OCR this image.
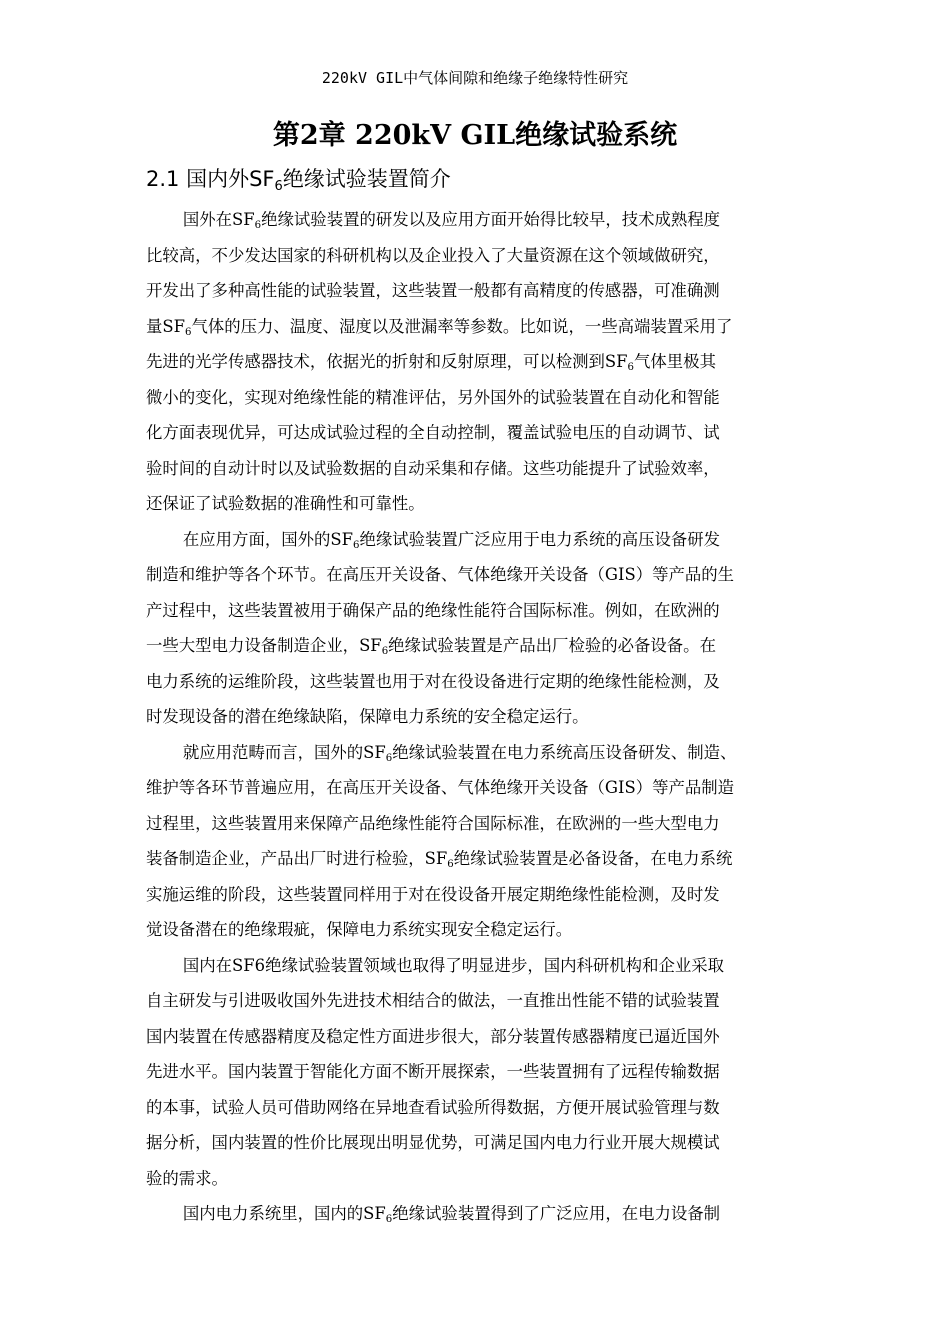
220kV GIL中气体间隙和绝缘子绝缘特性研究
第2章 220kV GIL绝缘试验系统
2.1 国内外$SF_6$绝缘试验装置简介

国外在$SF_6$绝缘试验装置的研发以及应用方面开始得比较早，技术成熟程度
比较高，不少发达国家的科研机构以及企业投入了大量资源在这个领域做研究，
开发出了多种高性能的试验装置，这些装置一般都有高精度的传感器，可准确测
量$SF_6$气体的压力、温度、湿度以及泄漏率等参数。比如说，一些高端装置采用了
先进的光学传感器技术，依据光的折射和反射原理，可以检测到$SF_6$气体里极其
微小的变化，实现对绝缘性能的精准评估，另外国外的试验装置在自动化和智能
化方面表现优异，可达成试验过程的全自动控制，覆盖试验电压的自动调节、试
验时间的自动计时以及试验数据的自动采集和存储。这些功能提升了试验效率，
还保证了试验数据的准确性和可靠性。

在应用方面，国外的$SF_6$绝缘试验装置广泛应用于电力系统的高压设备研发
制造和维护等各个环节。在高压开关设备、气体绝缘开关设备（GIS）等产品的生
产过程中，这些装置被用于确保产品的绝缘性能符合国际标准。例如，在欧洲的
一些大型电力设备制造企业，$SF_6$绝缘试验装置是产品出厂检验的必备设备。在
电力系统的运维阶段，这些装置也用于对在役设备进行定期的绝缘性能检测，及
时发现设备的潜在绝缘缺陷，保障电力系统的安全稳定运行。

就应用范畴而言，国外的$SF_6$绝缘试验装置在电力系统高压设备研发、制造、
维护等各环节普遍应用，在高压开关设备、气体绝缘开关设备（GIS）等产品制造
过程里，这些装置用来保障产品绝缘性能符合国际标准，在欧洲的一些大型电力
装备制造企业，产品出厂时进行检验，$SF_6$绝缘试验装置是必备设备，在电力系统
实施运维的阶段，这些装置同样用于对在役设备开展定期绝缘性能检测，及时发
觉设备潜在的绝缘瑕疵，保障电力系统实现安全稳定运行。

国内在SF6绝缘试验装置领域也取得了明显进步，国内科研机构和企业采取
自主研发与引进吸收国外先进技术相结合的做法，一直推出性能不错的试验装置
国内装置在传感器精度及稳定性方面进步很大，部分装置传感器精度已逼近国外
先进水平。国内装置于智能化方面不断开展探索，一些装置拥有了远程传输数据
的本事，试验人员可借助网络在异地查看试验所得数据，方便开展试验管理与数
据分析，国内装置的性价比展现出明显优势，可满足国内电力行业开展大规模试
验的需求。

国内电力系统里，国内的$SF_6$绝缘试验装置得到了广泛应用，在电力设备制
